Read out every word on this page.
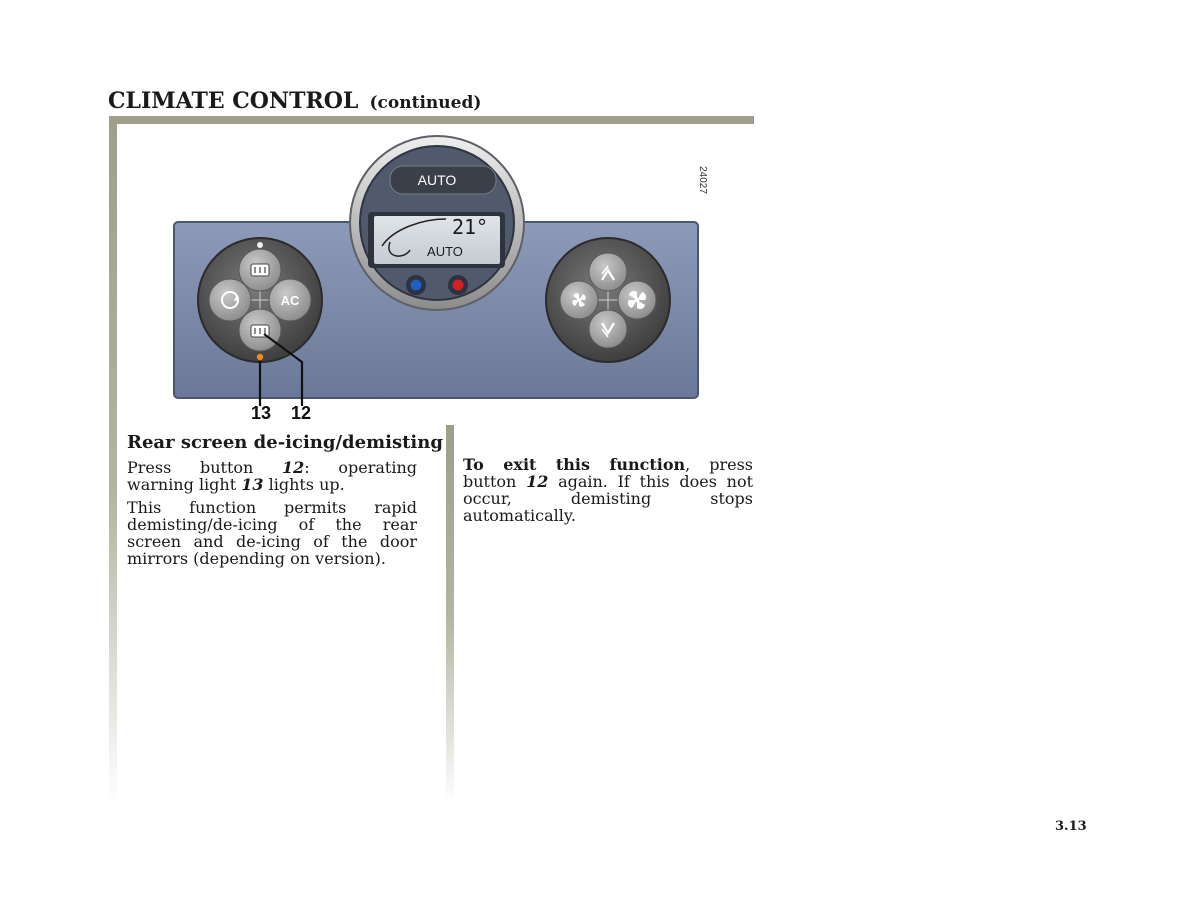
CLIMATE CONTROL (continued)
AC
AUTO
21°
AUTO
24027
13 12
Rear screen de-icing/demisting

Press button 12: operating warning light 13 lights up.

This function permits rapid demisting/de-icing of the rear screen and de-icing of the door mirrors (depending on version).

To exit this function, press button 12 again. If this does not occur, demisting stops automatically.

3.13
